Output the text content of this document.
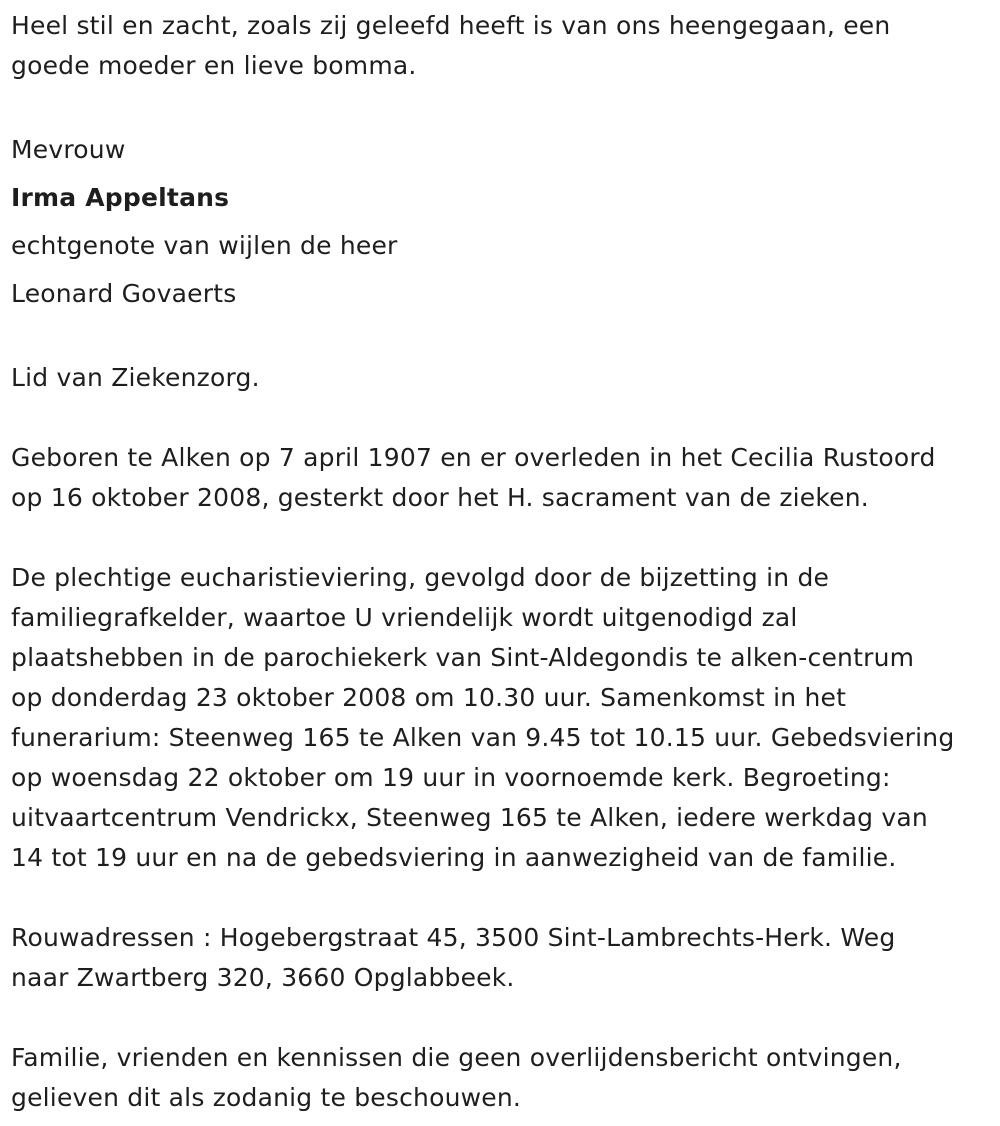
Heel stil en zacht, zoals zij geleefd heeft is van ons heengegaan, een
goede moeder en lieve bomma.

Mevrouw
Irma Appeltans
echtgenote van wijlen de heer
Leonard Govaerts

Lid van Ziekenzorg.

Geboren te Alken op 7 april 1907 en er overleden in het Cecilia Rustoord
op 16 oktober 2008, gesterkt door het H. sacrament van de zieken.

De plechtige eucharistieviering, gevolgd door de bijzetting in de
familiegrafkelder, waartoe U vriendelijk wordt uitgenodigd zal
plaatshebben in de parochiekerk van Sint-Aldegondis te alken-centrum
op donderdag 23 oktober 2008 om 10.30 uur. Samenkomst in het
funerarium: Steenweg 165 te Alken van 9.45 tot 10.15 uur. Gebedsviering
op woensdag 22 oktober om 19 uur in voornoemde kerk. Begroeting:
uitvaartcentrum Vendrickx, Steenweg 165 te Alken, iedere werkdag van
14 tot 19 uur en na de gebedsviering in aanwezigheid van de familie.

Rouwadressen : Hogebergstraat 45, 3500 Sint-Lambrechts-Herk. Weg
naar Zwartberg 320, 3660 Opglabbeek.

Familie, vrienden en kennissen die geen overlijdensbericht ontvingen,
gelieven dit als zodanig te beschouwen.
